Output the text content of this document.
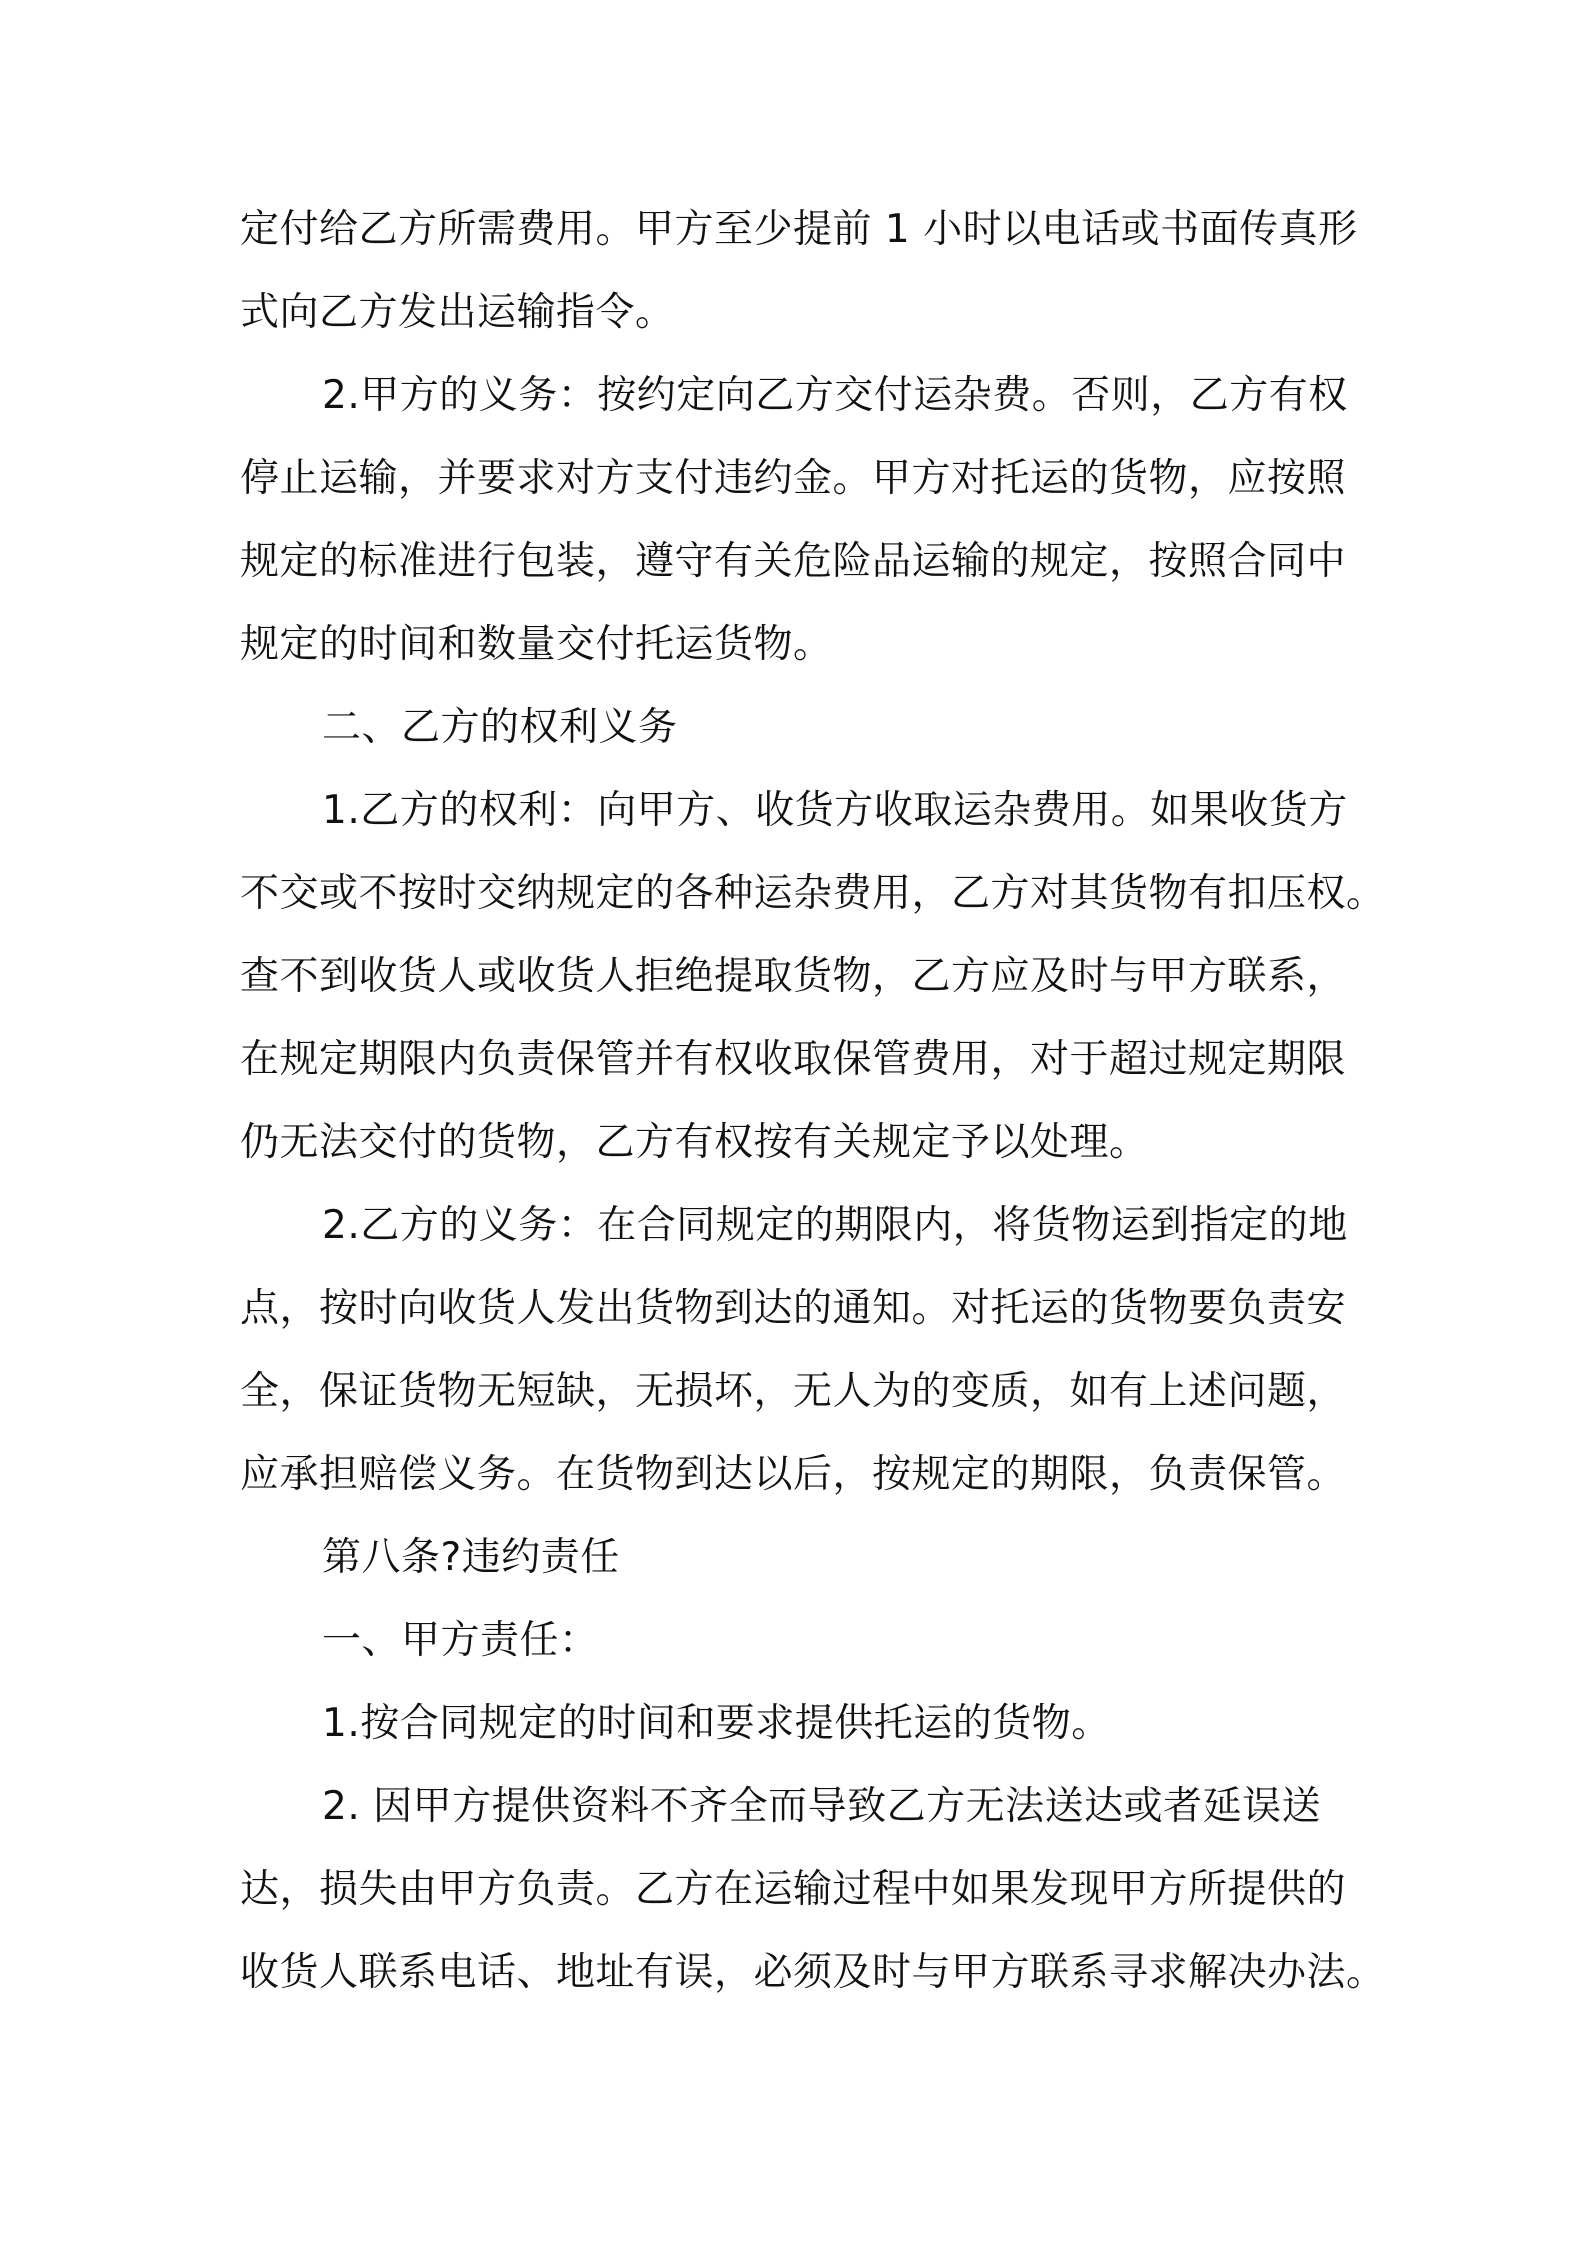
定付给乙方所需费用。甲方至少提前 1 小时以电话或书面传真形
式向乙方发出运输指令。
2.甲方的义务：按约定向乙方交付运杂费。否则，乙方有权
停止运输，并要求对方支付违约金。甲方对托运的货物，应按照
规定的标准进行包装，遵守有关危险品运输的规定，按照合同中
规定的时间和数量交付托运货物。
二、乙方的权利义务
1.乙方的权利：向甲方、收货方收取运杂费用。如果收货方
不交或不按时交纳规定的各种运杂费用，乙方对其货物有扣压权。
查不到收货人或收货人拒绝提取货物，乙方应及时与甲方联系，
在规定期限内负责保管并有权收取保管费用，对于超过规定期限
仍无法交付的货物，乙方有权按有关规定予以处理。
2.乙方的义务：在合同规定的期限内，将货物运到指定的地
点，按时向收货人发出货物到达的通知。对托运的货物要负责安
全，保证货物无短缺，无损坏，无人为的变质，如有上述问题，
应承担赔偿义务。在货物到达以后，按规定的期限，负责保管。
第八条?违约责任
一、甲方责任：
1.按合同规定的时间和要求提供托运的货物。
2. 因甲方提供资料不齐全而导致乙方无法送达或者延误送
达，损失由甲方负责。乙方在运输过程中如果发现甲方所提供的
收货人联系电话、地址有误，必须及时与甲方联系寻求解决办法。
